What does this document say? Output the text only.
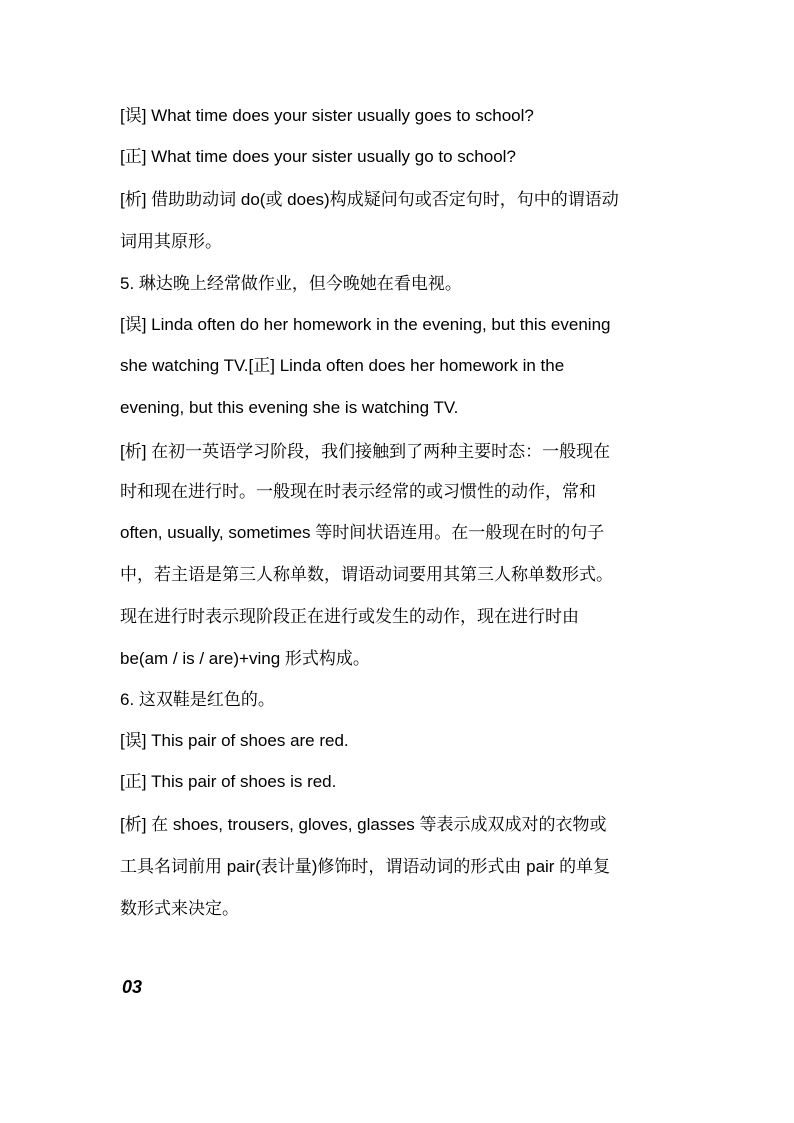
[误] What time does your sister usually goes to school?
[正] What time does your sister usually go to school?
[析] 借助助动词 do(或 does)构成疑问句或否定句时，句中的谓语动
词用其原形。
5. 琳达晚上经常做作业，但今晚她在看电视。
[误] Linda often do her homework in the evening, but this evening
she watching TV.[正] Linda often does her homework in the
evening, but this evening she is watching TV.
[析] 在初一英语学习阶段，我们接触到了两种主要时态：一般现在
时和现在进行时。一般现在时表示经常的或习惯性的动作，常和
often, usually, sometimes 等时间状语连用。在一般现在时的句子
中，若主语是第三人称单数，谓语动词要用其第三人称单数形式。
现在进行时表示现阶段正在进行或发生的动作，现在进行时由
be(am / is / are)+ving 形式构成。
6. 这双鞋是红色的。
[误] This pair of shoes are red.
[正] This pair of shoes is red.
[析] 在 shoes, trousers, gloves, glasses 等表示成双成对的衣物或
工具名词前用 pair(表计量)修饰时，谓语动词的形式由 pair 的单复
数形式来决定。
03
